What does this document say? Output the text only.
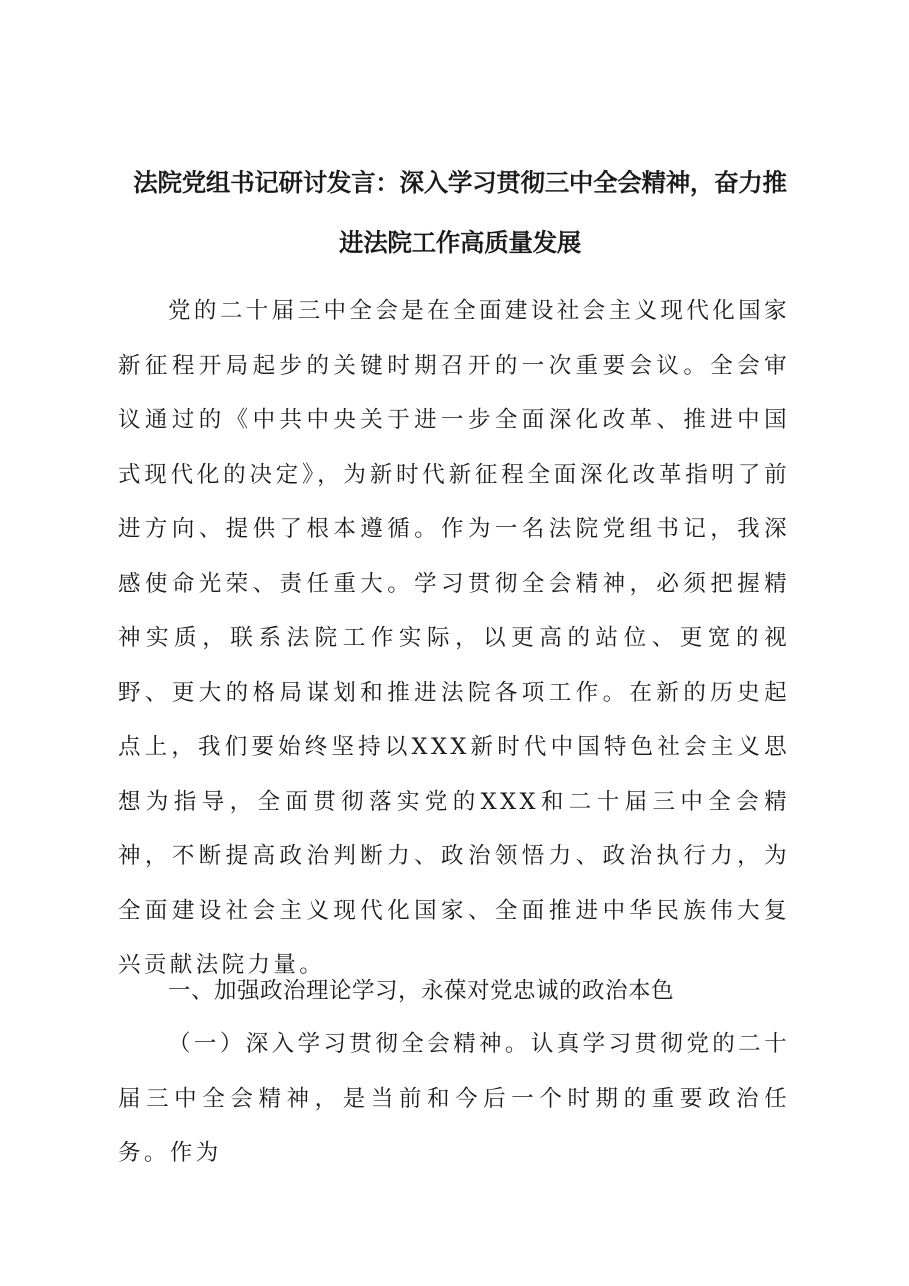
法院党组书记研讨发言：深入学习贯彻三中全会精神，奋力推
进法院工作高质量发展
党的二十届三中全会是在全面建设社会主义现代化国家新征程开局起步的关键时期召开的一次重要会议。全会审议通过的《中共中央关于进一步全面深化改革、推进中国式现代化的决定》，为新时代新征程全面深化改革指明了前进方向、提供了根本遵循。作为一名法院党组书记，我深感使命光荣、责任重大。学习贯彻全会精神，必须把握精神实质，联系法院工作实际，以更高的站位、更宽的视野、更大的格局谋划和推进法院各项工作。在新的历史起点上，我们要始终坚持以XXX新时代中国特色社会主义思想为指导，全面贯彻落实党的XXX和二十届三中全会精神，不断提高政治判断力、政治领悟力、政治执行力，为全面建设社会主义现代化国家、全面推进中华民族伟大复兴贡献法院力量。
一、加强政治理论学习，永葆对党忠诚的政治本色
（一）深入学习贯彻全会精神。认真学习贯彻党的二十届三中全会精神，是当前和今后一个时期的重要政治任务。作为
